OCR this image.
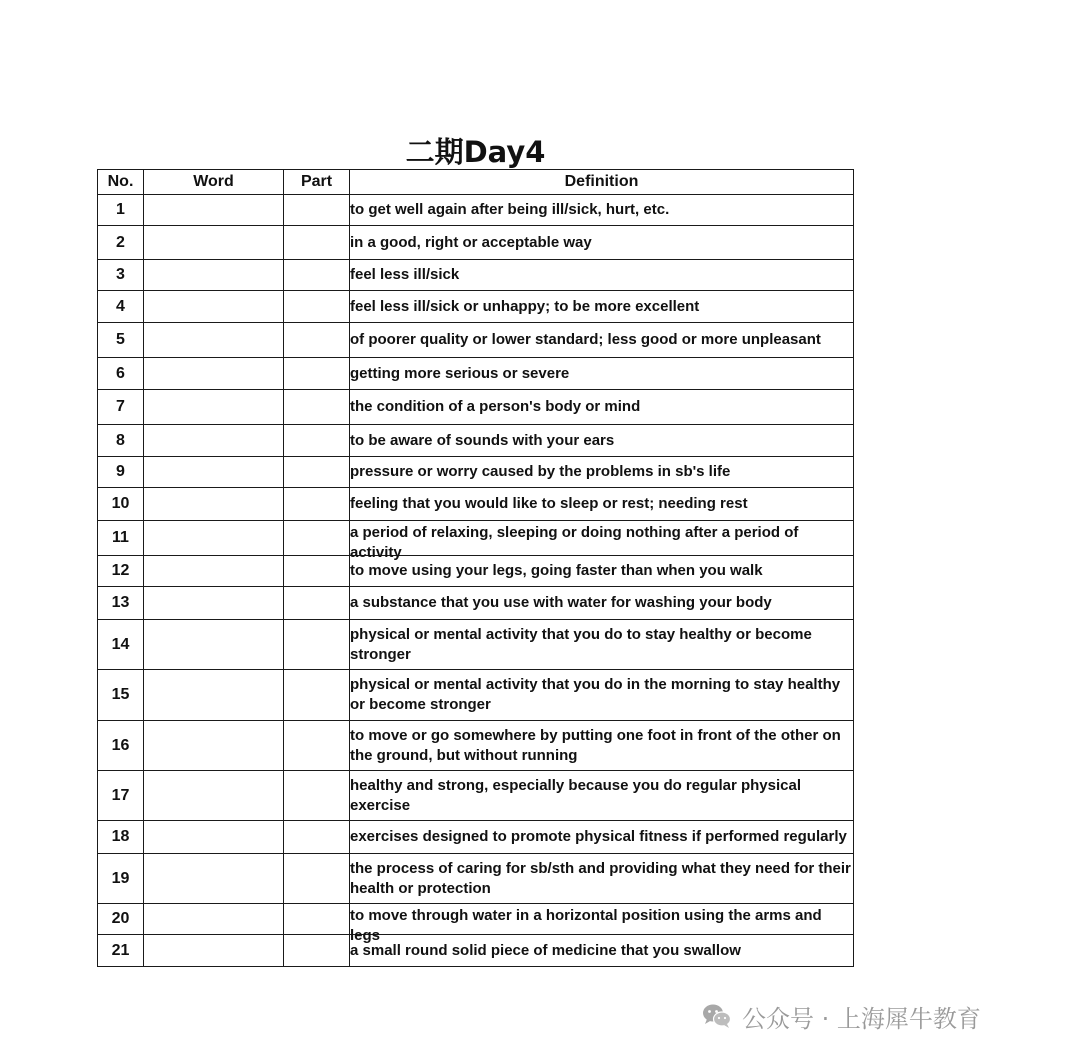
二期Day4
No.	Word	Part	Definition
1			to get well again after being ill/sick, hurt, etc.

2			in a good, right or acceptable way

3			feel less ill/sick

4			feel less ill/sick or unhappy; to be more excellent

5			of poorer quality or lower standard; less good or more unpleasant

6			getting more serious or severe

7			the condition of a person's body or mind

8			to be aware of sounds with your ears

9			pressure or worry caused by the problems in sb's life

10			feeling that you would like to sleep or rest; needing rest

11			a period of relaxing, sleeping or doing nothing after a period of activity

12			to move using your legs, going faster than when you walk

13			a substance that you use with water for washing your body

14			physical or mental activity that you do to stay healthy or become stronger

15			physical or mental activity that you do in the morning to stay healthy or become stronger

16			to move or go somewhere by putting one foot in front of the other on the ground, but without running

17			healthy and strong, especially because you do regular physical exercise

18			exercises designed to promote physical fitness if performed regularly

19			the process of caring for sb/sth and providing what they need for their health or protection

20			to move through water in a horizontal position using the arms and legs

21			a small round solid piece of medicine that you swallow
公众号 · 上海犀牛教育
